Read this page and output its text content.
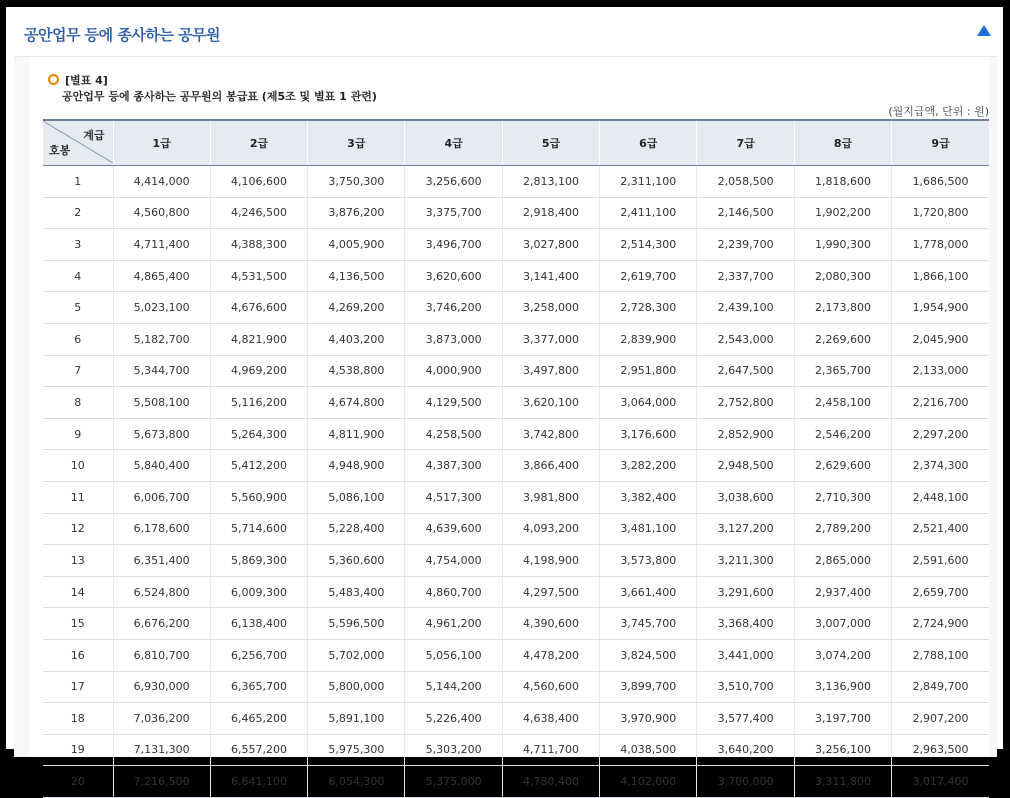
공안업무 등에 종사하는 공무원
[별표 4]
공안업무 등에 종사하는 공무원의 봉급표 (제5조 및 별표 1 관련)
(월지급액, 단위 : 원)
계급
호봉	1급	2급	3급	4급	5급	6급	7급	8급	9급
1	4,414,000	4,106,600	3,750,300	3,256,600	2,813,100	2,311,100	2,058,500	1,818,600	1,686,500
2	4,560,800	4,246,500	3,876,200	3,375,700	2,918,400	2,411,100	2,146,500	1,902,200	1,720,800
3	4,711,400	4,388,300	4,005,900	3,496,700	3,027,800	2,514,300	2,239,700	1,990,300	1,778,000
4	4,865,400	4,531,500	4,136,500	3,620,600	3,141,400	2,619,700	2,337,700	2,080,300	1,866,100
5	5,023,100	4,676,600	4,269,200	3,746,200	3,258,000	2,728,300	2,439,100	2,173,800	1,954,900
6	5,182,700	4,821,900	4,403,200	3,873,000	3,377,000	2,839,900	2,543,000	2,269,600	2,045,900
7	5,344,700	4,969,200	4,538,800	4,000,900	3,497,800	2,951,800	2,647,500	2,365,700	2,133,000
8	5,508,100	5,116,200	4,674,800	4,129,500	3,620,100	3,064,000	2,752,800	2,458,100	2,216,700
9	5,673,800	5,264,300	4,811,900	4,258,500	3,742,800	3,176,600	2,852,900	2,546,200	2,297,200
10	5,840,400	5,412,200	4,948,900	4,387,300	3,866,400	3,282,200	2,948,500	2,629,600	2,374,300
11	6,006,700	5,560,900	5,086,100	4,517,300	3,981,800	3,382,400	3,038,600	2,710,300	2,448,100
12	6,178,600	5,714,600	5,228,400	4,639,600	4,093,200	3,481,100	3,127,200	2,789,200	2,521,400
13	6,351,400	5,869,300	5,360,600	4,754,000	4,198,900	3,573,800	3,211,300	2,865,000	2,591,600
14	6,524,800	6,009,300	5,483,400	4,860,700	4,297,500	3,661,400	3,291,600	2,937,400	2,659,700
15	6,676,200	6,138,400	5,596,500	4,961,200	4,390,600	3,745,700	3,368,400	3,007,000	2,724,900
16	6,810,700	6,256,700	5,702,000	5,056,100	4,478,200	3,824,500	3,441,000	3,074,200	2,788,100
17	6,930,000	6,365,700	5,800,000	5,144,200	4,560,600	3,899,700	3,510,700	3,136,900	2,849,700
18	7,036,200	6,465,200	5,891,100	5,226,400	4,638,400	3,970,900	3,577,400	3,197,700	2,907,200
19	7,131,300	6,557,200	5,975,300	5,303,200	4,711,700	4,038,500	3,640,200	3,256,100	2,963,500
20	7,216,500	6,641,100	6,054,300	5,375,000	4,780,400	4,102,000	3,700,000	3,311,800	3,017,400
